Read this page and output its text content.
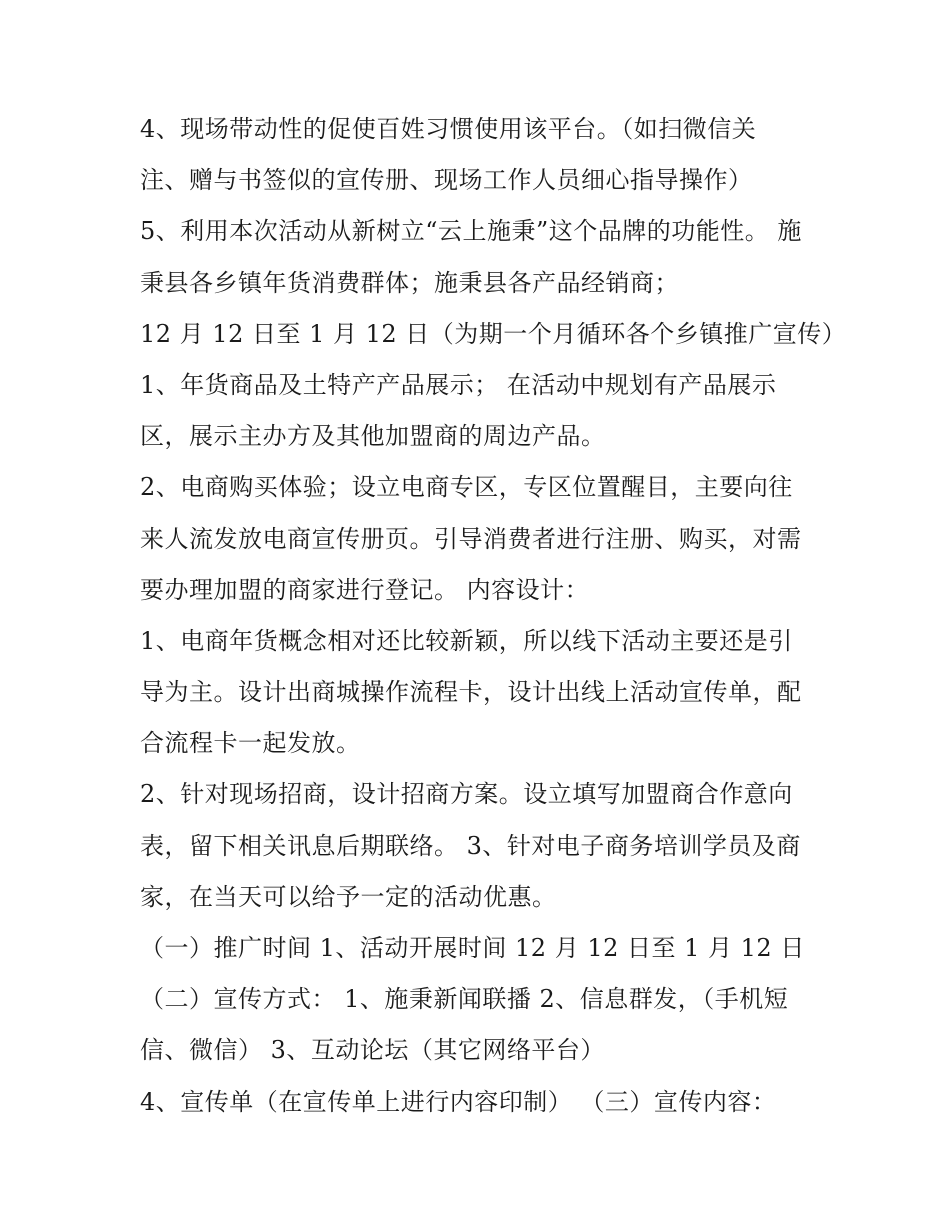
4、现场带动性的促使百姓习惯使用该平台。（如扫微信关
注、赠与书签似的宣传册、现场工作人员细心指导操作）
5、利用本次活动从新树立“云上施秉”这个品牌的功能性。 施
秉县各乡镇年货消费群体；施秉县各产品经销商；
12 月 12 日至 1 月 12 日（为期一个月循环各个乡镇推广宣传）
1、年货商品及土特产产品展示； 在活动中规划有产品展示
区，展示主办方及其他加盟商的周边产品。
2、电商购买体验；设立电商专区，专区位置醒目，主要向往
来人流发放电商宣传册页。引导消费者进行注册、购买，对需
要办理加盟的商家进行登记。 内容设计：
1、电商年货概念相对还比较新颖，所以线下活动主要还是引
导为主。设计出商城操作流程卡，设计出线上活动宣传单，配
合流程卡一起发放。
2、针对现场招商，设计招商方案。设立填写加盟商合作意向
表，留下相关讯息后期联络。 3、针对电子商务培训学员及商
家，在当天可以给予一定的活动优惠。
（一）推广时间 1、活动开展时间 12 月 12 日至 1 月 12 日
（二）宣传方式： 1、施秉新闻联播 2、信息群发，（手机短
信、微信） 3、互动论坛（其它网络平台）
4、宣传单（在宣传单上进行内容印制） （三）宣传内容：
